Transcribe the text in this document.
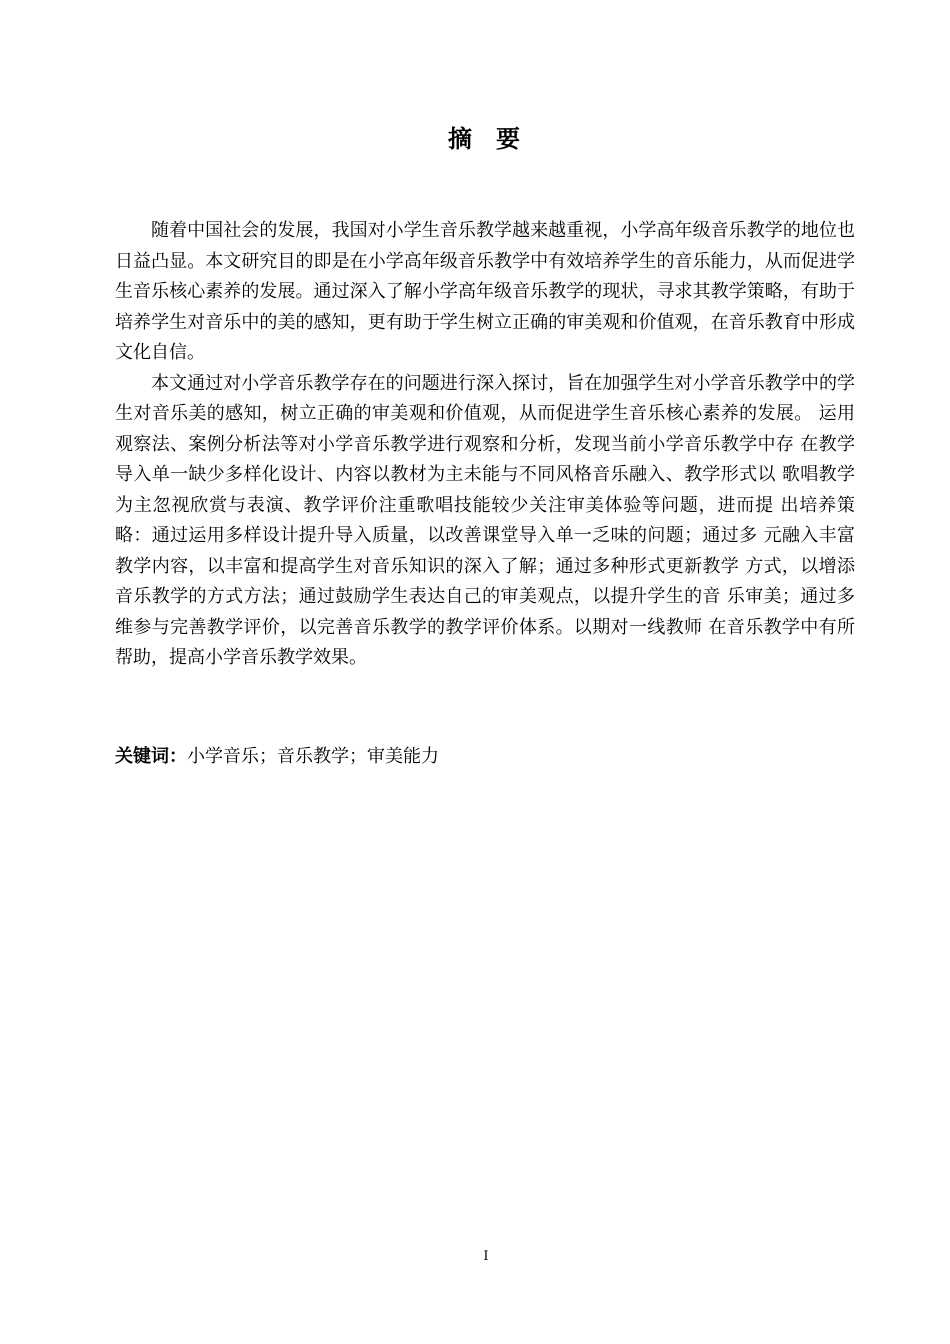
摘　要

随着中国社会的发展，我国对小学生音乐教学越来越重视，小学高年级音乐教学的地位也日益凸显。本文研究目的即是在小学高年级音乐教学中有效培养学生的音乐能力，从而促进学生音乐核心素养的发展。通过深入了解小学高年级音乐教学的现状，寻求其教学策略，有助于培养学生对音乐中的美的感知，更有助于学生树立正确的审美观和价值观，在音乐教育中形成文化自信。

本文通过对小学音乐教学存在的问题进行深入探讨，旨在加强学生对小学音乐教学中的学生对音乐美的感知，树立正确的审美观和价值观，从而促进学生音乐核心素养的发展。 运用观察法、案例分析法等对小学音乐教学进行观察和分析，发现当前小学音乐教学中存 在教学导入单一缺少多样化设计、内容以教材为主未能与不同风格音乐融入、教学形式以 歌唱教学为主忽视欣赏与表演、教学评价注重歌唱技能较少关注审美体验等问题，进而提 出培养策略：通过运用多样设计提升导入质量，以改善课堂导入单一乏味的问题；通过多 元融入丰富教学内容，以丰富和提高学生对音乐知识的深入了解；通过多种形式更新教学 方式，以增添音乐教学的方式方法；通过鼓励学生表达自己的审美观点，以提升学生的音 乐审美；通过多维参与完善教学评价，以完善音乐教学的教学评价体系。以期对一线教师 在音乐教学中有所帮助，提高小学音乐教学效果。

关键词：小学音乐；音乐教学；审美能力
I
